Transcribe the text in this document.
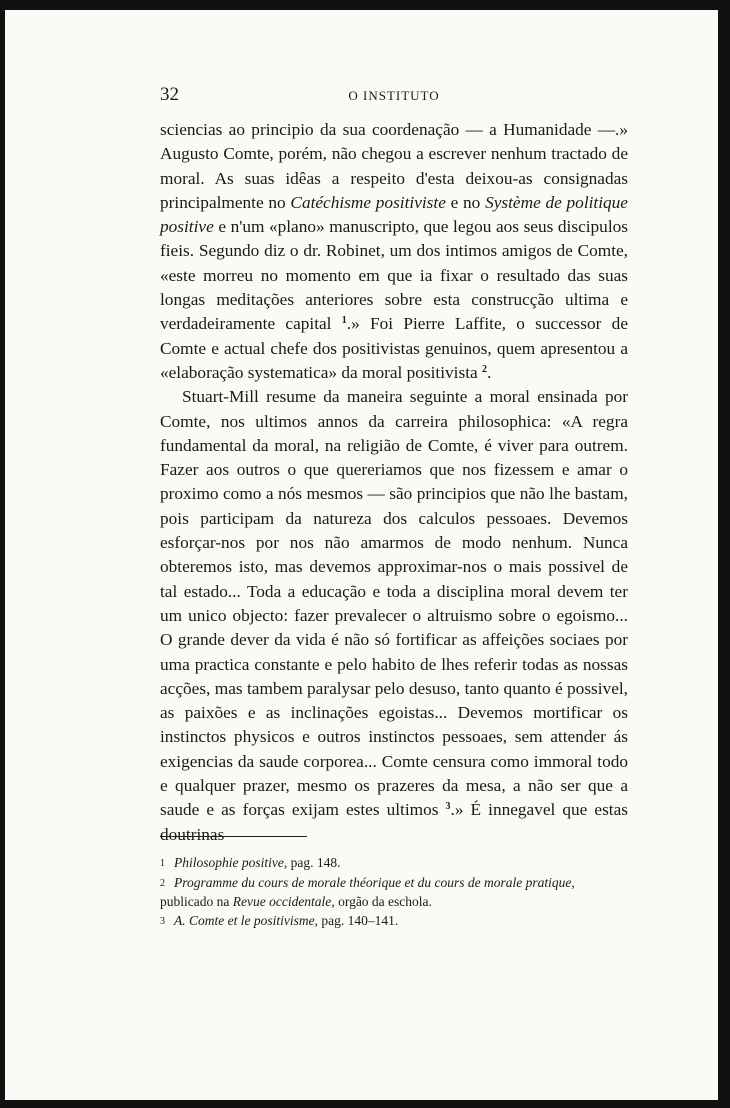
32	O INSTITUTO

sciencias ao principio da sua coordenação — a Humanidade —.» Augusto Comte, porém, não chegou a escrever nenhum tractado de moral. As suas idêas a respeito d'esta deixou-as consignadas principalmente no Catéchisme positiviste e no Système de politique positive e n'um «plano» manuscripto, que legou aos seus discipulos fieis. Segundo diz o dr. Robinet, um dos intimos amigos de Comte, «este morreu no momento em que ia fixar o resultado das suas longas meditações anteriores sobre esta construcção ultima e verdadeiramente capital $^1$.» Foi Pierre Laffite, o successor de Comte e actual chefe dos positivistas genuinos, quem apresentou a «elaboração systematica» da moral positivista $^2$.

Stuart-Mill resume da maneira seguinte a moral ensinada por Comte, nos ultimos annos da carreira philosophica: «A regra fundamental da moral, na religião de Comte, é viver para outrem. Fazer aos outros o que quereriamos que nos fizessem e amar o proximo como a nós mesmos — são principios que não lhe bastam, pois participam da natureza dos calculos pessoaes. Devemos esforçar-nos por nos não amarmos de modo nenhum. Nunca obteremos isto, mas devemos approximar-nos o mais possivel de tal estado... Toda a educação e toda a disciplina moral devem ter um unico objecto: fazer prevalecer o altruismo sobre o egoismo... O grande dever da vida é não só fortificar as affeições sociaes por uma practica constante e pelo habito de lhes referir todas as nossas acções, mas tambem paralysar pelo desuso, tanto quanto é possivel, as paixões e as inclinações egoistas... Devemos mortificar os instinctos physicos e outros instinctos pessoaes, sem attender ás exigencias da saude corporea... Comte censura como immoral todo e qualquer prazer, mesmo os prazeres da mesa, a não ser que a saude e as forças exijam estes ultimos $^3$.» É innegavel que estas doutrinas

1 Philosophie positive, pag. 148.

2 Programme du cours de morale théorique et du cours de morale pratique, publicado na Revue occidentale, orgão da eschola.

3 A. Comte et le positivisme, pag. 140–141.
